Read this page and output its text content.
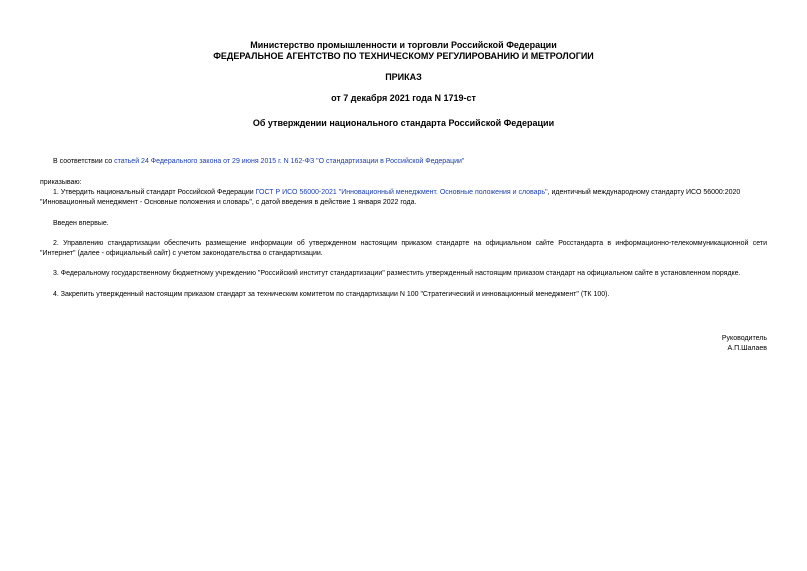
Министерство промышленности и торговли Российской Федерации
ФЕДЕРАЛЬНОЕ АГЕНТСТВО ПО ТЕХНИЧЕСКОМУ РЕГУЛИРОВАНИЮ И МЕТРОЛОГИИ
ПРИКАЗ
от 7 декабря 2021 года N 1719-ст
Об утверждении национального стандарта Российской Федерации
В соответствии со статьей 24 Федерального закона от 29 июня 2015 г. N 162-ФЗ "О стандартизации в Российской Федерации"
приказываю:
1. Утвердить национальный стандарт Российской Федерации ГОСТ Р ИСО 56000-2021 "Инновационный менеджмент. Основные положения и словарь", идентичный международному стандарту ИСО 56000:2020
"Инновационный менеджмент - Основные положения и словарь", с датой введения в действие 1 января 2022 года.
Введен впервые.
2. Управлению стандартизации обеспечить размещение информации об утвержденном настоящим приказом стандарте на официальном сайте Росстандарта в информационно-телекоммуникационной сети
"Интернет" (далее - официальный сайт) с учетом законодательства о стандартизации.
3. Федеральному государственному бюджетному учреждению "Российский институт стандартизации" разместить утвержденный настоящим приказом стандарт на официальном сайте в установленном порядке.
4. Закрепить утвержденный настоящим приказом стандарт за техническим комитетом по стандартизации N 100 "Стратегический и инновационный менеджмент" (ТК 100).
Руководитель
А.П.Шалаев
